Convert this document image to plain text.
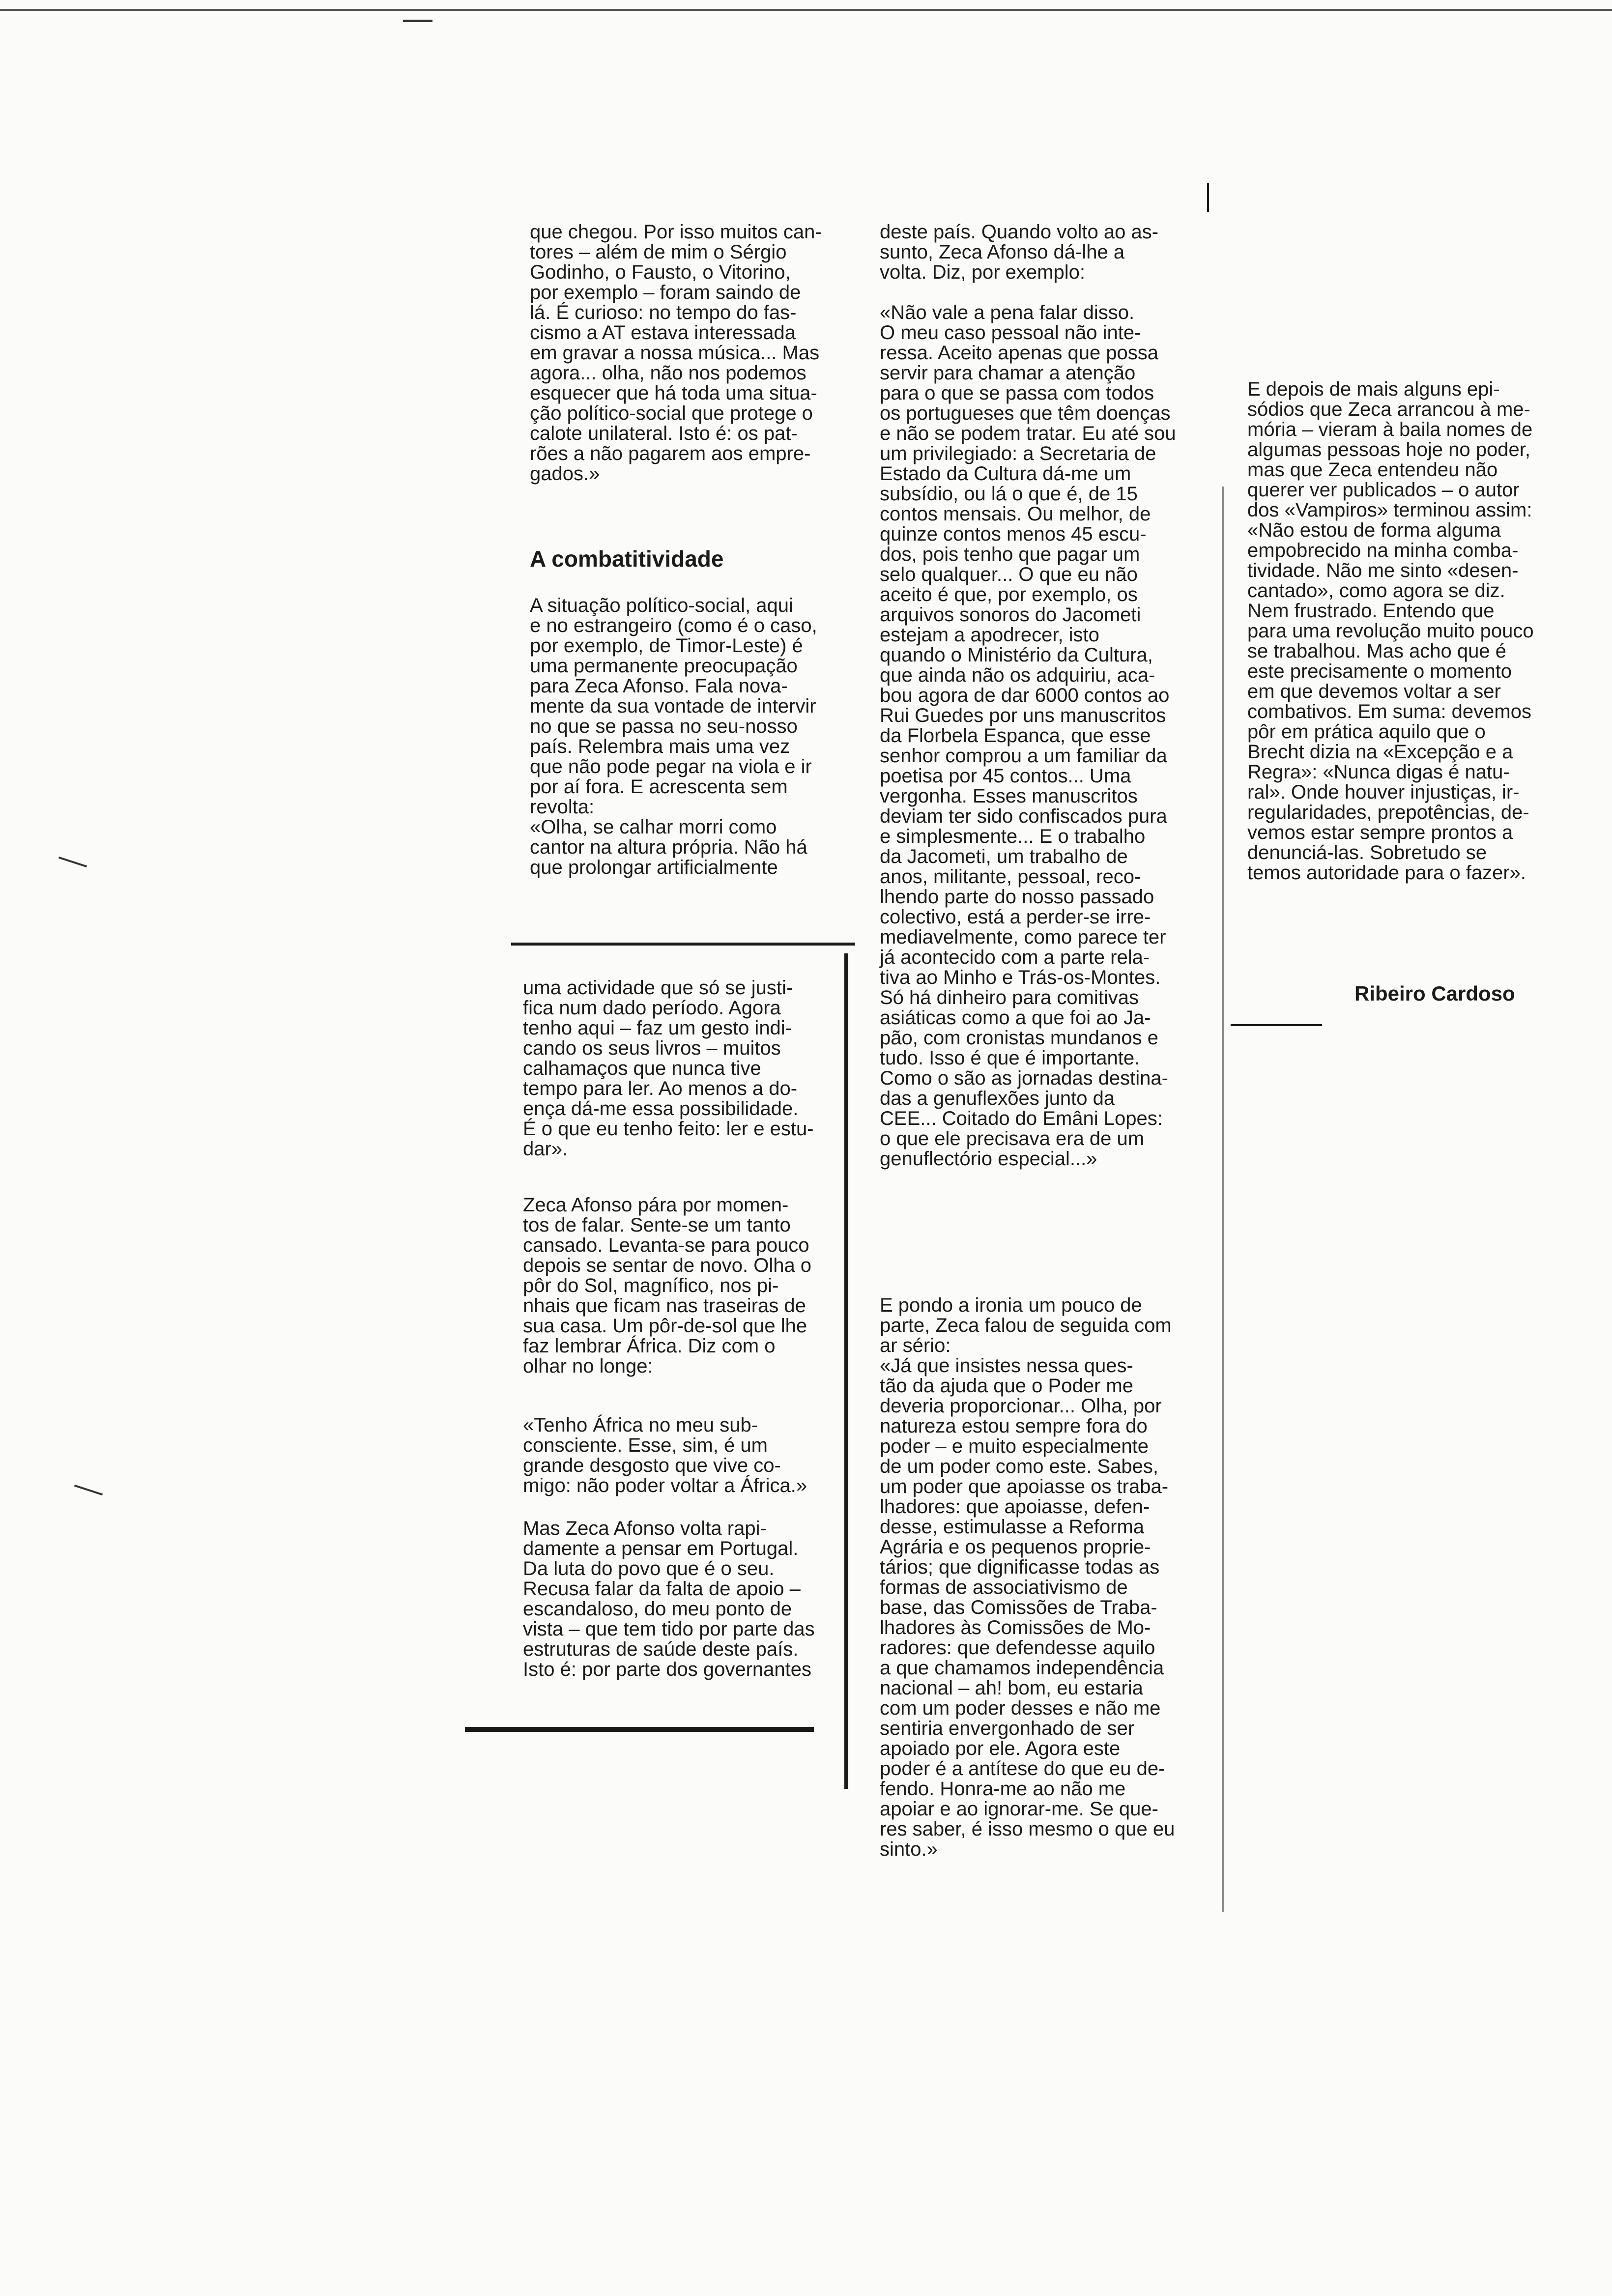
que chegou. Por isso muitos can-

tores – além de mim o Sérgio

Godinho, o Fausto, o Vitorino,

por exemplo – foram saindo de

lá. É curioso: no tempo do fas-

cismo a AT estava interessada

em gravar a nossa música... Mas

agora... olha, não nos podemos

esquecer que há toda uma situa-

ção político-social que protege o

calote unilateral. Isto é: os pat-

rões a não pagarem aos empre-

gados.»

A combatitividade

A situação político-social, aqui

e no estrangeiro (como é o caso,

por exemplo, de Timor-Leste) é

uma permanente preocupação

para Zeca Afonso. Fala nova-

mente da sua vontade de intervir

no que se passa no seu-nosso

país. Relembra mais uma vez

que não pode pegar na viola e ir

por aí fora. E acrescenta sem

revolta:

«Olha, se calhar morri como

cantor na altura própria. Não há

que prolongar artificialmente

uma actividade que só se justi-

fica num dado período. Agora

tenho aqui – faz um gesto indi-

cando os seus livros – muitos

calhamaços que nunca tive

tempo para ler. Ao menos a do-

ença dá-me essa possibilidade.

É o que eu tenho feito: ler e estu-

dar».

Zeca Afonso pára por momen-

tos de falar. Sente-se um tanto

cansado. Levanta-se para pouco

depois se sentar de novo. Olha o

pôr do Sol, magnífico, nos pi-

nhais que ficam nas traseiras de

sua casa. Um pôr-de-sol que lhe

faz lembrar África. Diz com o

olhar no longe:

«Tenho África no meu sub-

consciente. Esse, sim, é um

grande desgosto que vive co-

migo: não poder voltar a África.»

Mas Zeca Afonso volta rapi-

damente a pensar em Portugal.

Da luta do povo que é o seu.

Recusa falar da falta de apoio –

escandaloso, do meu ponto de

vista – que tem tido por parte das

estruturas de saúde deste país.

Isto é: por parte dos governantes

deste país. Quando volto ao as-

sunto, Zeca Afonso dá-lhe a

volta. Diz, por exemplo:

«Não vale a pena falar disso.

O meu caso pessoal não inte-

ressa. Aceito apenas que possa

servir para chamar a atenção

para o que se passa com todos

os portugueses que têm doenças

e não se podem tratar. Eu até sou

um privilegiado: a Secretaria de

Estado da Cultura dá-me um

subsídio, ou lá o que é, de 15

contos mensais. Ou melhor, de

quinze contos menos 45 escu-

dos, pois tenho que pagar um

selo qualquer... O que eu não

aceito é que, por exemplo, os

arquivos sonoros do Jacometi

estejam a apodrecer, isto

quando o Ministério da Cultura,

que ainda não os adquiriu, aca-

bou agora de dar 6000 contos ao

Rui Guedes por uns manuscritos

da Florbela Espanca, que esse

senhor comprou a um familiar da

poetisa por 45 contos... Uma

vergonha. Esses manuscritos

deviam ter sido confiscados pura

e simplesmente... E o trabalho

da Jacometi, um trabalho de

anos, militante, pessoal, reco-

lhendo parte do nosso passado

colectivo, está a perder-se irre-

mediavelmente, como parece ter

já acontecido com a parte rela-

tiva ao Minho e Trás-os-Montes.

Só há dinheiro para comitivas

asiáticas como a que foi ao Ja-

pão, com cronistas mundanos e

tudo. Isso é que é importante.

Como o são as jornadas destina-

das a genuflexões junto da

CEE... Coitado do Emâni Lopes:

o que ele precisava era de um

genuflectório especial...»

E pondo a ironia um pouco de

parte, Zeca falou de seguida com

ar sério:

«Já que insistes nessa ques-

tão da ajuda que o Poder me

deveria proporcionar... Olha, por

natureza estou sempre fora do

poder – e muito especialmente

de um poder como este. Sabes,

um poder que apoiasse os traba-

lhadores: que apoiasse, defen-

desse, estimulasse a Reforma

Agrária e os pequenos proprie-

tários; que dignificasse todas as

formas de associativismo de

base, das Comissões de Traba-

lhadores às Comissões de Mo-

radores: que defendesse aquilo

a que chamamos independência

nacional – ah! bom, eu estaria

com um poder desses e não me

sentiria envergonhado de ser

apoiado por ele. Agora este

poder é a antítese do que eu de-

fendo. Honra-me ao não me

apoiar e ao ignorar-me. Se que-

res saber, é isso mesmo o que eu

sinto.»

E depois de mais alguns epi-

sódios que Zeca arrancou à me-

mória – vieram à baila nomes de

algumas pessoas hoje no poder,

mas que Zeca entendeu não

querer ver publicados – o autor

dos «Vampiros» terminou assim:

«Não estou de forma alguma

empobrecido na minha comba-

tividade. Não me sinto «desen-

cantado», como agora se diz.

Nem frustrado. Entendo que

para uma revolução muito pouco

se trabalhou. Mas acho que é

este precisamente o momento

em que devemos voltar a ser

combativos. Em suma: devemos

pôr em prática aquilo que o

Brecht dizia na «Excepção e a

Regra»: «Nunca digas é natu-

ral». Onde houver injustiças, ir-

regularidades, prepotências, de-

vemos estar sempre prontos a

denunciá-las. Sobretudo se

temos autoridade para o fazer».

Ribeiro Cardoso
